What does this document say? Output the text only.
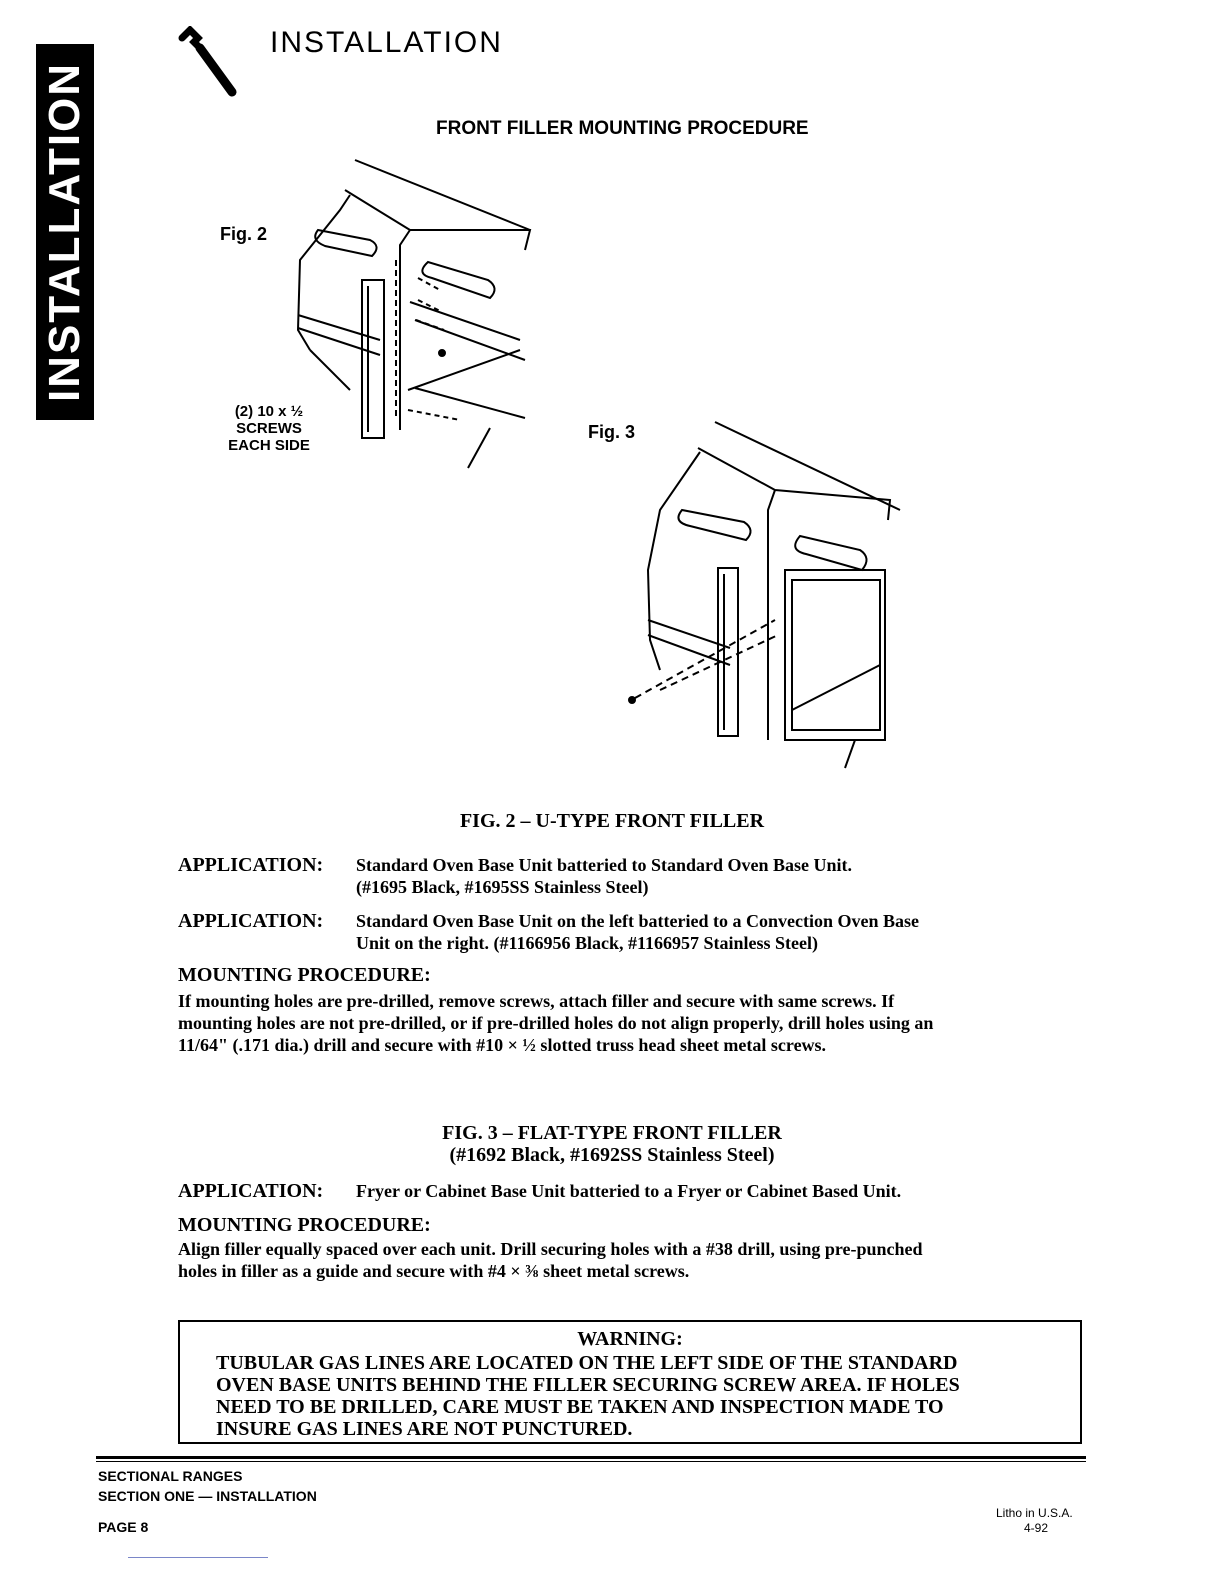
INSTALLATION
INSTALLATION
FRONT FILLER MOUNTING PROCEDURE
Fig. 2
(2) 10 x ½
SCREWS
EACH SIDE
Fig. 3
FIG. 2 – U-TYPE FRONT FILLER
APPLICATION: Standard Oven Base Unit batteried to Standard Oven Base Unit.
(#1695 Black, #1695SS Stainless Steel)
APPLICATION: Standard Oven Base Unit on the left batteried to a Convection Oven Base
Unit on the right. (#1166956 Black, #1166957 Stainless Steel)
MOUNTING PROCEDURE:
If mounting holes are pre-drilled, remove screws, attach filler and secure with same screws. If
mounting holes are not pre-drilled, or if pre-drilled holes do not align properly, drill holes using an
11/64" (.171 dia.) drill and secure with #10 × ½ slotted truss head sheet metal screws.
FIG. 3 – FLAT-TYPE FRONT FILLER
(#1692 Black, #1692SS Stainless Steel)
APPLICATION: Fryer or Cabinet Base Unit batteried to a Fryer or Cabinet Based Unit.
MOUNTING PROCEDURE:
Align filler equally spaced over each unit. Drill securing holes with a #38 drill, using pre-punched
holes in filler as a guide and secure with #4 × ⅜ sheet metal screws.
WARNING:
TUBULAR GAS LINES ARE LOCATED ON THE LEFT SIDE OF THE STANDARD
OVEN BASE UNITS BEHIND THE FILLER SECURING SCREW AREA. IF HOLES
NEED TO BE DRILLED, CARE MUST BE TAKEN AND INSPECTION MADE TO
INSURE GAS LINES ARE NOT PUNCTURED.
SECTIONAL RANGES
SECTION ONE — INSTALLATION
PAGE 8
Litho in U.S.A.
4-92
